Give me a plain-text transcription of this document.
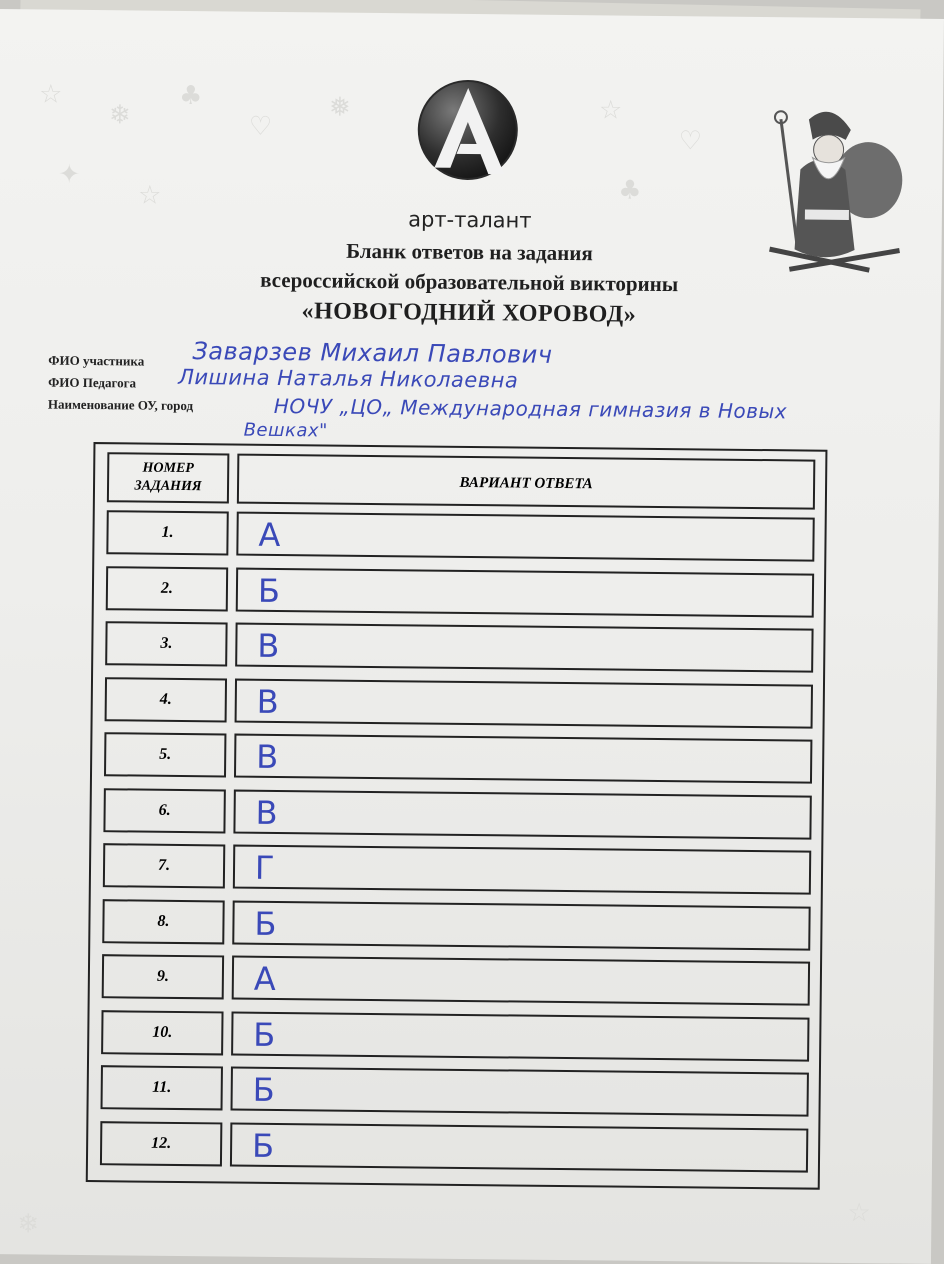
☆
❄
♣
♡
✦
☆
❅	☆
♡
♣
☆
❄
арт-талант
Бланк ответов на задания
всероссийской образовательной викторины
«НОВОГОДНИЙ ХОРОВОД»
ФИО участника Заварзев Михаил Павлович
ФИО Педагога Лишина Наталья Николаевна
Наименование ОУ, город	НОЧУ „ЦО„ Международная гимназия в Новых
Вешках"
НОМЕР
ЗАДАНИЯ	ВАРИАНТ ОТВЕТА
1.	А
2.	Б
3.	В
4.	В
5.	В
6.	В
7.	Г
8.	Б
9.	А
10.	Б
11.	Б
12.	Б
